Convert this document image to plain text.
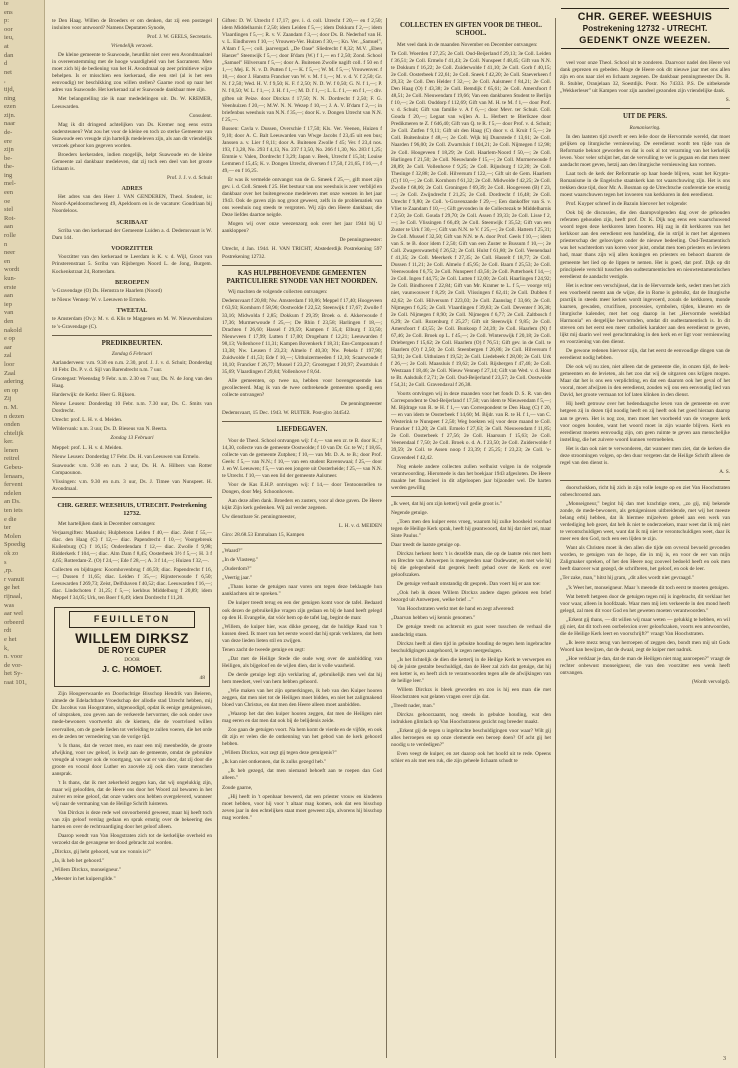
te

ens

p:

oor

ieu,

at

dan

d

net

,

tijd,

ning

ezen

zijn.

naar

de-

ere

zijn

be-

the-

ing

mel-

een

oe

stel

Rot-

aan

rolle

n

neer

en

wordt

kun-

erste

aan

iep

van

den

nakold

e op

aar

zal

loor

Zaal

adering

en op

Zij

n. M.

n dezen

onden

chtelijk

ker.

lenen

reitrel

Gebeu-

lenaars,

fervent

ndelen

an Ds.

ten iets

e die

ter

Molen

Spoedig

ok zo

s

,rp.

r vanuit

ge het

rijnaal,

was

aar wel

orbeerd

rdt

e het

k,

n. voor

de vor-

het Sy-

raat 101,

te Den Haag. Willen de Broeders er om denken, dat zij een postzegel insluiten voor antwoord? Namens Deputaten Synode,

Prof. J. W. GEELS, Secretaris.

Vriendelijk verzoek.

De kleine gemeente te Suawoude, heurdikt niet over een Avondmaalstel in overeenstemming met de hooge waardigheid van het Sacrament. Men moet zich bij de bediening van het H. Avondmaal op zeer primitieve wijze behelpen. Is er misschien een kerkeraad, die een stel (al is het een eenvoudig) ter beschikking zou willen stellen? Gaarne rood op naar het adres van Suawoude. Het kerkeraad zal er Suawoude dankbaar mee zijn.

Met belangstelling zie ik naar mededelingen uit. Ds. W. KREMER, Leeuwarden.

Consulent.

Mag ik dit dringend achtelijken van Ds. Kremer nog eens extra ondersteunen? Wat zou het voor de kleine en toch zo sterke Gemeente van Suawoude een vreugde zijn hartelijk medeleven zijn, als aan dit vriendelijk verzoek gehoor kon gegeven worden.

Broeders kerkeraden, indien mogelijk, helpt Suawoude en de kleine Gemeente zal dankbaar medeleven, dat zij toch een deel van het groote lichaam is.

Prof. J. J. v. d. Schuit

ADRES

Het adres van den Heer J. VAN GENDEREN, Theol. Student, is: Noord-Apeldoornscheweg 49, Apeldoorn en is de vacature: Goudriaan bij Noordeloos.

SCRIBAAT

Scriba van den kerkeraad der Gemeente Luiden a. d. Dedemsvaart is W. Dam 144.

VOORZITTER

Voorzitter van den kerkeraad te Leerdam is K. v. d. Wijl, Groot van Prinsterenstraat 5. Scriba van Rijsbergen Noord L. de Jong, Burgem. Kockenkstraat 24, Rotterdam.

BEROEPEN

's-Gravendage (O) Ds. Hemstra te Haarlem (Noord)

te Nieuw Vennep: W. v. Leeuwen te Ermelo.

TWEETAL

te Amsterdam (Ov.): M. v. d. Klis te Maggenen en M. W. Nieuwenhuizen te 's-Gravendage (C).

PREDIKBEURTEN.

Zondag 6 Februari

Aarlanderveen: v.m. 9.30 en n.m. 2.30, prof. J. J. v. d. Schuit; Donderdag 10 Febr. Ds. P. v. d. Sijl van Barendrecht n.m. 7 uur.

Grootegast: Woensdag 9 Febr. n.m. 2.30 en 7 uur, Ds. N. de Jong van den Haag.

Harderwijk: de Kerkr. Heer G. Rijksen.

Nieuw Leusen: Donderdag 10 Febr. n.m. 7.30 uur, Ds. C. Smits van Dordrecht.

Utrecht: prof. L. H. v. d. Meiden.

Wildervank: n.m. 3 uur, Ds. D. Bieseus van N. Beerta.

Zondag 13 Februari

Meppel: prof. L. H. v. d. Meiden.

Nieuw Leusen: Donderdag 17 Febr. Ds. H. van Leeuwen van Ermelo.

Suawoude: v.m. 9.30 en n.m. 2 uur, Ds. H. A. Hilbers van Rotter Compaounon.

Vlissingen: v.m. 9.30 en n.m. 3 uur, Ds. J. Timee van Nunspeet. H. Avondmaal.

CHR. GEREF. WEESHUIS, UTRECHT. Postrekening 12732.

Met hartelijken dank in December ontvangen:

Verjaarsgiften: Maasluis; Hulpbetoon Leiden f 40,— diac. Zeist f 55,— diac. den Haag (C) f 12,— diac. Papendrecht f 10,—; Voorgebreuk Kuilenburg (C) f 16,15; Onderdendam f 12,— diac. Zwolle f 9,98; Ridderkerk f 104,—; diac. Alm Dam f 8,45; Oosterbeek 3½ f 5,—; H. 3 f 4,65; Rotterdam-Z. (O) f 24,—; Ede f 28,—; A. 3 f 14,—; Huizen f 32,—.

Collecten en bijdragen: Koornhovenbrug f 46,59; diac. Papendrecht f 16,—; Dussen f 11,65; diac. Leiden f 35,—; Rijnsterwoude f 6,50; Leeuwarden f 269,73; Zeist, Delfshaven f 40,52; diac. Leeuwarden f 16,—; diac. Lindschoten f 31,25; f 5,—; kerkbus Middelburg f 20,89; idem Meppel f 34,05; Urk, ten Boer f 6,49; idem Dordrecht f 11,20.

FEUILLETON
WILLEM DIRKSZ
DE ROYE CUPER
DOOR
J. C. HOMOET.
48

Zijn Hoogeerwaarde en Doorluchtige Bisschop Hendrik van Beieren, almede de Edelachtbare Vroedschap der allodie stad Utrecht hebben, mij Dr. Jacobus van Hoogstraten, uitgenoodigd, opdat ik eenige getuigenissen, of uitspraken, zou geven aan de verkeerde hervormer, die ook onder uwe mede-bewoners voortwerkt als de kiemen, die de voortvloed willen overvallen, om de goede lieden tot verleiding te zullen voeren, die het orde en de zeden ter vernedering van de vorige tijd.

's Is thans, dat de verzet men, en naar een mij meenbedde, de groote afwijking, voor uw geloof, is kwijt aan de gemeente, omdat de gebruikte vreugde al vroeger ook de voortgang, van wat er van door, dat zij door die groote en vooral door Luther en zoovele zij ook dien vaste menschen aansprak.

't Is thans, dat ik met zekerheid zeggen kan, dat wij ongelukkig zijn, maar wij geloofden, dat de Heere ons door het Woord zal bewaren in het zuiver en reine geloof, dat onze vaders ons hebben overgeleverd, wanneer wij naar de vermaning van de Heilige Schrift luisteren.

Van Dirckzs is deze rede wel onvoorbereid geweest, maar hij heeft toch van zijn geloof verslag gedaan en sprak ernstig over de bekeering des harten en over de rechtvaardiging door het geloof alleen.

Daarop wendt van Van Hoogstraten zich tot de kerkelijke overheid en verzoekt dat de gevangene ter dood gebracht zal worden.

„Dirckzs, gij hebt gehoord, wat uw vonnis is?"

„Ja, ik heb het gehoord."

„Willem Dirckzs, monseigneur."

„Meester in het kuipersgilde."

Giften: D. W. Utrecht f 17,17; gev. i. d. coll. Utrecht f 20,— en f 2,50; idem Middelharnis f 2,50; idem Leiden f 5,—; idem Dokkum f 2,—; idem Vlaardingen f 5,—; R. v. V. Zaandam f 3,—; door Ds. B. Nederhof van H. v. L. Eindhoven f 10,—; Vrouwen-Ver. Huizen f 30,—; Kn. Ver. „Samuel", A'dam f 5,—; coll. jaarvergad. „De Oase" Sliedrecht f 8,32; M.V. „Eben Haezer" Steenwijk f 5,—; door B'dam (W.) f 1,— en f 2,50; Zond. School „Samuel" Hilversum f 5,—; door A. Buitenen Zwolle nagift coll. f 50 en f 1,—; Mej. E. N. v. D. Putten f 1,— K. f 5,—; W. M. f 5,—; Vrouwenver. f 10,—; door J. Hanstra Francker van W. v. M. f 1,—; M. v. d. V. f 2,50; Gr. N. f 2,50; Wed. H. V. f 9,50; K. F. f 2,50; N. D. W. f 0,50; G. N. f 1,—; P. N. f 0,50; W. L. f 1,—; J. H. f 1,—; M. D. f 1,—; L. L. f 1,— en f 1,—; div. giften uit Peize. door Dirckzs f 17,50; N. N. Dordrecht f 2,50; F. G. Veenhuizen f 20,—; M.W. N. N. Wezep f 10,—; J. A. V. B'dam f 2,—; in briefenbus weeshuis van N.N. f 35,—; door K. v. Dongen Utrecht van N.N. f 25,—.

Bussen: Cavla v. Dussen, Overschie f 17,50; Kls. Ver. Veenen, Huizen f 9,10; door A. C. Balt Leeuwarden van Wwge Jacobs f 23,45 uit een bus; Janssen a. v. Lier f 8,11; door A. Buitenen Zwolle f 45; Ver. f 23,4 nos. 193, f 3,28, No. 293 f 4,13, No. 237 f 3,50, No. 266 f 1,30, No. 283 f 1,25; Emmie v. Valen, Dordrecht f 3,29; Japan v. Beek, Utrecht f 15,34; Louise Lemmen f 15,45; K. v. Dongen Utrecht, diversen f 17,50, f 21,65, f 16,—, f 49,— en f 16,25.

Er was ik vermelde ontvangst van de G. Smeek f 25,—, gift moet zijn gev. i. d. Coll. Smeek f 25. Het bestuur van ons weeshuis is zeer verblijd en dankbaar over het buitengewone medeleven met onze weezen in het jaar 1943. Ook de gaven zijn nog groot geweest, zelfs in de problematiek van ons weeshuis nog steeds te vergroten. Wij zijn den Heere dankbaar, die Deze liefdes daartoe neigde.

Mogen wij over onze weezenzorg ook over het jaar 1944 bij U aankloppen?

De penningmeester:

Utrecht, 4 Jan. 1944. H. VAN TRICHT, Abstederdijk Postrekening 597 Postrekening 12732.

KAS HULPBEHOEVENDE GEMEENTEN PARTICULIERE SYNODE VAN HET NOORDEN.

Wij machten de volgende collecten ontvangen:

Dedemsvaart f 20,80; Nw. Amsterdam f 10,86; Meppel f 17,40; Hoogeveen f 63,93; Kornhorn f 58,96; Oostwolde f 22,52; Steenwijk f 17,67; Zwolle f 33,16; Midwolda f 2,85; Dokkum f 29,39; Broek o. d. Akkerwoude f 17,36; Murmerwoude f 25,—; De Rhin f 23,58; Harlingen f 18,—; Drachten f 26,60; Hassel f 29,59; Kampen f 35,4; Elburg f 33,50; Nieuwveen f 17,99; Lutten f 17,00; Drogeham f 12,21; Leeuwarden f 98,13; Vollenhove f 11,31; Kampen Bovenkerk f 18,31; Ens-Compounum f 13,38; Nw. Leusen f 23,23; Almelo f 40,30; Nw. Pekela f 197,90; Zuidwolde f 41,53; Ede f 10,—; Uithuizermeeden f 12,10; Scaarwoude f 10,10; Francker f 26,77; Mussel f 23,27; Grootegast f 20,97; Zwartsluis f 35,69; Vlaardingen f 29,84; Vollenhove f 8,64.

Alle gemeenten, op twee na, hebben voor bovengenoemde kas gecollecteerd. Mag ik van de twee ontbrekende gemeenten spoedig een collecte ontvangen?

De penningmeester

Dedemsvaart, 15 Dec. 1943. W. RUITER. Post-giro 344542.

LIEFDEGAVEN.

Voor de Theol. School ontvangen wij: f 4,— van een zr. te B. door K.; f 14,30, collecte van de gemeente Oostwolde; f 10 van Dr. Gr. te W.; f 18,65, collecte van de gemeente Zutphen; f 10,— van Mr. D. A. te B.; door Prof. Geels: f 5,— van N.N.; f 10,— van een student Ravenswaai; f 25,— door J. en W. Leeuwen; f 5,— van een jongere uit Oosterheide; f 25,— van N.N. te Utrecht. f 10,— van een lid der gemeente Aalsmeer.

Voor de Kas E.H.P. ontvingen wij: f 14,— door Tentoonstellen te Dongen, door Mej. Schoonhoven.

Aan deze allen dank. Broeders en zusters, voor al deze gaven. De Heere kijkt Zijn kerk gedenken. Wij zal verder zegenen.

Uw dienstbare Sr. penningmeester,

L. H. v. d. MEIDEN

Giro: 28.68.53 Emmalaan 15, Kampen

„Waard?"

„In de Vlasteeg."

„Ouderdom?"

„Veertig jaar."

„Thans kome de getuigen naar voren om tegen deze beklaagde hun aanklachten uit te spreken."

De kuiper treedt terug en een der getuigen komt voor de tafel. Bedaard ook dezen de gebruikelijke vragen zijn gedaan en bij de hand heeft gelegd op den H. Evangelie, dat vóór hem op de tafel lag, begint de man:

„Willem, de kuiper hier, was dikke genoeg, dat de huldige Raad van 't kussen deed. Ik moet van het eerste woord dat hij sprak verklaren, dat hem van deze lieden lieten stil en zwijgen.

Tenen zacht de tweede getuige en zegt:

„Dat met de Heilige Stede die oude weg over de aanbidding van Heiligen, als bijgeloof en de wijlen dien, dat is volle waarheid.

De derde getuige legt zijn verklaring af, gebruikelijk men wel dat hij hem meedoet, veel van hem hebben gehoord.

„Wie maken van het zijn opmerkingen, ik heb van den Kuiper hooren zeggen, dat men niet tot de Heiligen moet bidden, en niet het zaligmakend bloed van Christus, en dat men den Heere alleen moet aanbidden.

„Waarop het dat den kuiper hooren zeggen, dat men de Heiligen niet mag eeren en dat men dat ook bij de belijdenis zeide.

Zoo gaan de getuigen voort. Na hem komt de vierde en de vijfde, en ook dit zijn er velen die de ontkenning van het gebod van de kerk gehoord hebben.

„Willem Dirckzs, wat zegt gij tegen deze getuigenis?"

„Ik kan niet ontkennen, dat ik zulks gezegd heb."

„Ik heb gezegd, dat men niemand behoeft aan te roepen dan God alleen."

Zoude gaarne,

„Hij heeft in 't openbaar beweerd, dat een priester vrouw en kinderen moet hebben, voor hij voor 't altaar mag komen, ook dat een bisschop zeven jaar in den echtelijken staat moet geweest zijn, alvorens hij bisschop mag worden."

COLLECTEN EN GIFTEN VOOR DE THEOL. SCHOOL.

Met veel dank in de maanden November en December ontvangen:

Te Coll. Woerden f 27,25; 2e Coll. Oud-Beijerland f 29,13; 3e Coll. Leiden f 36,51; 2e Coll. Ermelo f 41,43; 2e Coll. Nunspeet f 48,45; Gift van N.N. te Dokkum f 16,22; 2e Coll. Zuiderwolde f 41,10; 2e Coll. Gorb f 40,15; 2e Coll. Oosterbeek f 22,61; 2e Coll. Sneek f 42,20; 2e Coll. Staeverkeen f 29,33; 2e Coll. Den Helder f 32,—; 2e Coll. Aalsmeer f 84,21; 2e Coll. Den Haag (O) f 43,38; 2e Coll. Bemdijk f 65,61; 2e Coll. Amersfoort f 48,51; 2e Coll. Nieuwendam f 19,66; Van een dankbaren Student te Berlijn f 10,—; 2e Coll. Ouddorp f 112,69; Gift van M. H. te M. f 1,— door Prof. v. d. Schuit; Gift van familie v. A f 6,—; door Mevr. ter Schuit. Coll. Gouda f 20,—; Legaat van wijlen A. L. Herbert te Bierikzee door Predikmeren te Z. f 646,40; Gift van Q. te R. f 5,— door Prof. v. d. Schuit; 2e Coll. Zutfen f 9,11; Gift uit den Haag (C) door v. d. Kruit f 5,—; 2e Coll. Buitenhuize f 48,—; 2e Coll. Wijk bij Duurstede f 13,61; 2e Coll. Naarden f 96,00; 2e Coll. Zwartsluis f 104,21; 2e Coll. Nijmegen f 12,98; 2e Coll. Hoogeveen f 18,29; 2e Coll. Haarlem-Noord f 50,—; 2e Coll. Harlingen f 21,50; 2e Coll. Nieuwlande f 15,—; 2e Coll. Murmerwoude f 28,89; 2e Coll. Vollenhove f 9,25; 2e Coll. Rijnsburg f 12,20; 2e Coll. Thesinge f 32,88; 2e Coll. Hilversum f 122,—; Gift uit de Gem. Haarlem (C) f 10,—; 2e Coll. Kornhorn f 61,32; 2e Coll. Midwolde f 42,25; 2e Coll. Zwolle f 68,06; 2e Coll. Groningen f 69,39; 2e Coll. Hoogeveen (B) f 23,—; 2e Coll. Zwijndrecht f 21,25; 2e Coll. Dordrecht f 16,48; 2e Coll. Utrecht f 9,80; 2e Coll. 's-Gravenzande f 29,—; Een dankoffer van S. v. Vliet te Zaandam f 10,—; Gift gevonden in de Collectezak te Middelharnis f 2,50; 2e Coll. Gouda f 29,70; 2e Coll. Assen f 39,33; 2e Coll. Lisse f 2,—; 3e Coll. Vlissingen f 66,49; 2e Coll. Steenwijk f 35,52; Gift van een Zuster te Urk f 30,—; Gift van N.N. te V. f 25,—; 2e Coll. Hattem f 25,31; 2e Coll. Mussel f 32,50; Gift van N.N. te A. door Prof. Geels f 10,—; idem van S. te B. door idem f 2,50; Gift van een Zuster te Bussum f 10,—; 2e Coll. Zwagerswaterbij f 26,52; 2e Coll. Hulst f 61,80; 2e Coll. Veenendaal f 41,35; 2e Coll. Meerkerk f 27,35; 2e Coll. Hasselt f 18,77; 2e Coll. Dussen f 11,21; 2e Coll. Almelo f 45,95; 2e Coll. Baarn f 25,53; 2e Coll. Veenwouden f 6,75; 2e Coll. Nunspeet f 43,56; 2e Coll. Putterhoek f 14,—; 2e Coll. Ingen f 44,75; 2e Coll. Lutten f 12,00; 2e Coll. Haarlingen f 24,92; 2e Coll. Bindhoven f 22,84; Gift van Mr. Kramer te L. f 5,— voorge vrij niet, vaunwouwer f 8,29; 2e Coll. Vlissingen f 62,41; 2e Coll. Dubben f 42,62; 2e Coll. Hilversum f 223,03; 2e Coll. Zaanslag f 33,66; 2e Coll. Nijmegen f 6,25; 2e Coll. Vlaardingen f 39,83; 2e Coll. Deventer f 36,38; 2e Coll. Nijmegen f 8,90; 2e Coll. Nijmegen f 6,77; 2e Coll. Zaltbosch f 6,29; 2e Coll. Rozenburg f 25,27; Gift uit Steenwijk f 9,85; 2e Coll. Amersfoort f 43,55; 2e Coll. Bunkoop f 24,39; 2e Coll. Haarlem (N) f 67,46; 2e Coll. Broek op L. f 45,—; 2e Coll. Winterswijk f 20,18; 2e Coll. Driebergen f 15,62; 2e Coll. Haarlem (O) f 76,51; Gift gev. in de Coll. te Haarlem (O) f 2,50; 2e Coll. Steenbergen f 26,86; 2e Coll. Hilversum f 53,91; 2e Coll. Uithuizen f 19,52; 2e Coll. Liedebeek f 28,00; 2e Coll. Urk f 26,—; 2e Coll. Maassluis f 19,62; 2e Coll. Rijsbergen f 47,46; 2e Coll. Westzaan f 18,46; 2e Coll. Nieuw Vennep f 27,14; Gift van Wed. v. d. Hout te Bt. Aalsduik f 2,71; 2e Coll. Oud-Beijerland f 23,57; 2e Coll. Oostwolde f 54,31; 2e Coll. Gravendaval f 26,38.

Voorts ontvingen wij in deze maanden voor het fonds D. S. R. van den Correspondent te Oud-Beijerland f 17,50; van idem te Nieuwendam f 5,—; M. Bijdrage van R. te H. f 1,— van Correspondent te Den Haag (C) f 20,— en van idem te Oosterbeek f 14,60; M. Bijdr. van R. te H. f 1,— van C. Westerink te Nunspeet f 2,50; Weg boekten wij voor deze maand te Coll. Francker f 13,20; 2e Coll. Ermelo f 27,63; 3e Coll. Nieuwendam f 11,85; 2e Coll. Oosterbeek f 27,56; 2e Coll. Haarsum f 15,63; 2e Coll. Veenendaal f 7,50; 2e Coll. Broek o. d. A. f 23,50; 2e Coll. Zuiderwolde f 39,59; 2e Coll. te Assen noop f 23,39; f 25,25; f 23,23; 2e Coll. 's-Gravendeel f 42,42.

Nog enkele andere collecten zullen welhuist volgen in de volgende verantwoording. Hieromede is dan het boekjaar 1943 afgesloten. De Heere maakte het financieel in dit afgeloopen jaar bijzonder wel. De harten werden gewillig

„Ik weet, dat hij om zijn ketterij vuil gedie groot is."

Negende getuige.

„Toen men den kuiper eens vroeg, waarom hij zulke boosheid voorhad tegen de Heilige Kerk sprak, heeft hij geantwoord, dat hij dat niet zei, maar Sinte Paulus."

Daar treedt de laatste getuige op.

Dirckzs herkent hem: 't is dezelfde man, die op de laatste reis met hem en Brechte van Antwerpen is meegereden naar Oudewater, en met wie hij bij die gelegenheid dat gesprek heeft gehad over de Kerk en over geloofszaken.

De getuige verhaalt omstandig dit gesprek. Dan voert hij er aan toe:

„Ook heb ik dezen Willem Dirckzs andere dagen gelezen een brief bezorgd uit Antwerpen, welke brief ..."

Van Hoochstraten werkt met de hand en zegt afwerend:

„Daarvan hebben wij kennis genomen."

De getuige treedt nu achteruit en gaat weer tusschen de verhaal die aandachtig staan.

Dirckzs heeft al dien tijd in gebukte houding de tegen hem ingebrachte beschuldigingen aangehoord, le zegen neergeslagen.

„Is het lichtelijk de dien die ketterij in de Heilige Kerk te verwerpen en bij de juiste gestalte beschuldigd, dan de Heer zal zich dat getuige, dat hij een ketter is, en heeft zich te verantwoorden tegen alle de afwijkingen van de heilige leer."

Willem Dirckzs is bleek geworden en zoo is hij een man die met Hoochstraten wat gelaten vragen over zijn dat.

„Treedt nader, man."

Dirckzs gehoorzaamt, nog steeds in gebukte houding, wat den indrukken glimlach op Van Hoochstratens gezicht nog breeder maakt.

„Erkent gij de tegen u ingebrachte beschuldigingen voor waar? Wilt gij alles herroepen en op onze clementie een beroep doen? Of acht gij het noodig u te verdedigen?"

Even veegt de kuiper, en zet daarop ook het hoofd uit te rede. Opeens schier en als met een ruk, die zijn geheele lichaam schudt te

CHR. GEREF. WEESHUIS
Postrekening 12732 - UTRECHT.
GEDENKT ONZE WEEZEN.

veel voor onze Theol. School uit te zonderen. Daarvoor nadel den Heere vol dank geprezen en gebeden. Moge de Heere ook dit nieuwe jaar met ons allen zijn en ons naar ziel en lichaam zegenen. De dankbaar penningmeester Ds. R. R. Stubler, Oranjelaan 32, Soestdijk. Postr. No 74333. P.S. De uitbekende „Wekkerleser" uit Kampen voor zijn aandeel gezonden zijn vriendelijke dank.

S.

UIT DE PERS.

Romanisering.

In den laatsten tijd zwerft er een lelie door de Hervormde wereld, dat moet gelijken op liturgische vernieuwing. De eeredienst wordt ten tijde van de Reformatie beknot geworden en dat is ook al tot verarming van het kerkelijk leven. Voor veler schijnt het, dat de vervulling te ver is gegaan en dat men meer aandacht moet geven, hetzij aan den liturgische vernieuwing kan vormen.

Laat toch de kerk der Reformatie op haar hoede blijven, want het Krypto-Romanisme in de Engelsche staatskerk kan tot waarschuwing zijn. Het is ons trekken deze tijd, door Mr. A. Bosman op de Utrechtsche conferentie toe ernstig moest waarschuwen tegen het invoeren van kerkkoren in den eeredienst.

Prof. Kuyper schreef in de Bazuin hierover het volgende:

Ook bij de discussies, die den daaropvolgenden dag over de gehouden referaten gehouden zijn, heeft prof. Dr. K. Dijk nog eens een waarschuwend woord tegen deze kerkkoren laten hooren. Hij zag in dit kerkkoren van het kerkkoor aan den eeredienst een handeling, die in strijd is met het algemeen priesterschap der geloovigen onder de nieuwe bedeeling. Oud-Testamentisch was het wachterdom van koren voor juist, omdat men toen priesters en levieten had, maar thans zijn wij allen koningen en priesters en behoort daarom de gemeente het lied op de lippen te nemen. Het is goed, dat prof. Dijk op dit principieele verschil tusschen den oudtestamentischen en nieuwtestamentischen eeredienst de aandacht vestigde.

Het is echter een verschijnsel, dat in de Hervormde kerk, sedert men het zich een voorbeeld neemt aan de wijze, die in Rome is gebruikt, dat de liturgische practijk in steeds meer kerken wordt ingevoerd, zooals de kerkkoren, monde kaarsen, gewaden, crucifixen, processies, symbolen, tijden, kleuren en de liturgische kalender, met het oog daarop in het „Hervormde weekblad Harmonia" en dergelijke hervormden, omdat dit oudtestamentisch is. In dit streven om het eerst een meer catholiek karakter aan den eeredienst te geven, lijkt mij daarin wel veel geruchtmaking in den kerk en er ligt voor vernieuwing en voorziening van den dienst.

De gewone redenen hiervoor zijn, dat het eerst de eenvoudige dingen van de eeredienst nodig hebben.

Die ook wij nu zien, niet alleen dat de gemeente die, in onzen tijd, de leek-gemeenten en de levieten, als het zoo dat wij de uitgaven ons krijgen mogen. Maar dat het is ons een verplichting, en dat een daarom ook het geval of het vooral, moet afwijzen in den eeredienst, zouden wij ons een eenvoudig lied van David, het groote vermaan tot lof laten klinken in den dienst.

Hij heeft getrouw over het hedendaagsche leven van de gemeente en over hetgeen zij in dezen tijd noodig heeft en zij heeft ook het goed hieraan daarop aan te geven. Het is nog zoo, men moet het voorbeeld van de vroegere kerk voor oogen houden, want het woord moet in zijn waarde blijven. Kerk en eeredienst moeten eenvoudig zijn, om geen ruimte te geven aan menschelijke instelling, die het zuivere woord kunnen vertroebelen.

Het is dan ook niet te verwonderen, dat wanneer men ziet, dat de kerken die deze stroomingen volgen, op den duur vergeten dat de Heilige Schrift alleen de regel van den dienst is.

A. S.

doorschokken, richt hij zich in zijn volle lengte op en ziet Van Hoochstraten onbeschroomd aan.

„Monseigneur," begint hij dan met krachtige stem, „zo gij, mij bekende zonde, de mede-bewoners, als getuigenissen uitbreidende, met wij het meeste belang erbij hebben, dat ik hiermee mijzelven geheel aan een werk van verdediging heb gezet, dat heb ik niet te onderzoeken, maar weet dat ik mij niet te verontschuldigen weet, want dat ik mij niet te verontschuldigen weet, daar ik meer een den God, toch een een lijden te zijn.

Want als Christen moet ik den allen die tijde om ovveral bevoeld gevonden worden, te getuigen van de hope, die in mij is, en voor de eer van mijn Zaligmaker spreken, of het den Heere nog zooveel bedoeld heeft en ook men heeft daarover wat gezegd, de schrifteren, het geloof, en ook de leer.

„Ter zake, man," hitst hij gram, „dit alles wordt niet gevraagd."

„'k Weet het, monseigneur. Maar 's meende dit toch eerst te moeten getuigen.

Wat betreft hetgeen door de getuigen tegen mij is ingebracht, dit verklaar het voor waar, alleen in hoofdzaak. Waar men mij iets verkeerde in den mond heeft gelegd, zal men dit voor God en het geweten moeten verantwoorden."

„Erkent gij thans, — dit willen wij maar weten — gelukkig te hebben, en wil gij niet, dat dit toch een oorbelexion over geloofszaken, voorts een antwoorden, die de Heilige Kerk leert en voorschrijft?" vraagt Van Hoochstraten.

„Ik leere mezz terug van herroepen of zeggen den, bondt men mij uit Gods Woord kan bewijzen, dat de dwaal, zegt de kuiper met nadruk.

„Hoe verklaar je dan, dat de man de Heiligen niet mag aanroepen?" vraagt de rechter onbewust monseigneur, die van den voorzitter een wenk heeft ontvangen.

(Wordt vervolgd).

3
